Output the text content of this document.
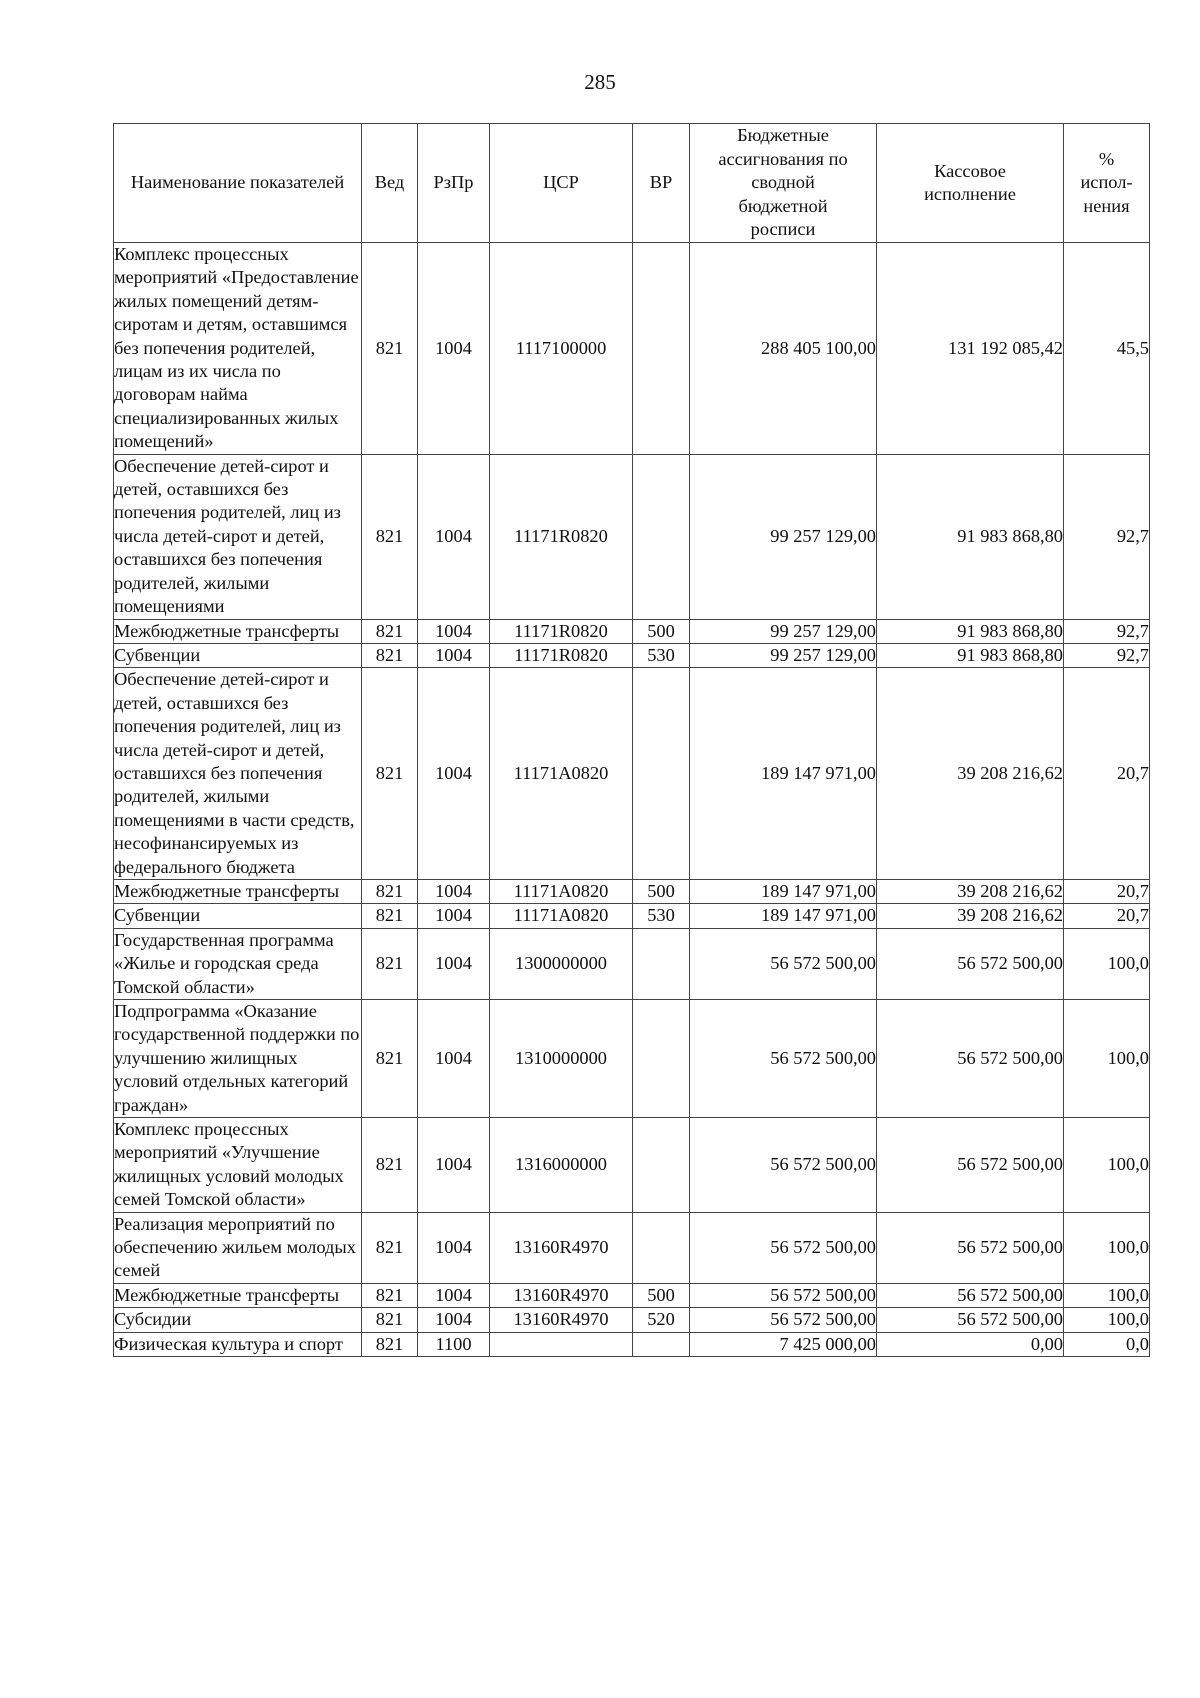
285
Наименование показателей	Вед	РзПр	ЦСР	ВР	Бюджетные ассигнования по сводной бюджетной росписи	Кассовое исполнение	% испол-нения
Комплекс процессных мероприятий «Предоставление жилых помещений детям-сиротам и детям, оставшимся без попечения родителей, лицам из их числа по договорам найма специализированных жилых помещений»	821	1004	1117100000		288 405 100,00	131 192 085,42	45,5
Обеспечение детей-сирот и детей, оставшихся без попечения родителей, лиц из числа детей-сирот и детей, оставшихся без попечения родителей, жилыми помещениями	821	1004	11171R0820		99 257 129,00	91 983 868,80	92,7
Межбюджетные трансферты	821	1004	11171R0820	500	99 257 129,00	91 983 868,80	92,7
Субвенции	821	1004	11171R0820	530	99 257 129,00	91 983 868,80	92,7
Обеспечение детей-сирот и детей, оставшихся без попечения родителей, лиц из числа детей-сирот и детей, оставшихся без попечения родителей, жилыми помещениями в части средств, несофинансируемых из федерального бюджета	821	1004	11171А0820		189 147 971,00	39 208 216,62	20,7
Межбюджетные трансферты	821	1004	11171А0820	500	189 147 971,00	39 208 216,62	20,7
Субвенции	821	1004	11171А0820	530	189 147 971,00	39 208 216,62	20,7
Государственная программа «Жилье и городская среда Томской области»	821	1004	1300000000		56 572 500,00	56 572 500,00	100,0
Подпрограмма «Оказание государственной поддержки по улучшению жилищных условий отдельных категорий граждан»	821	1004	1310000000		56 572 500,00	56 572 500,00	100,0
Комплекс процессных мероприятий «Улучшение жилищных условий молодых семей Томской области»	821	1004	1316000000		56 572 500,00	56 572 500,00	100,0
Реализация мероприятий по обеспечению жильем молодых семей	821	1004	13160R4970		56 572 500,00	56 572 500,00	100,0
Межбюджетные трансферты	821	1004	13160R4970	500	56 572 500,00	56 572 500,00	100,0
Субсидии	821	1004	13160R4970	520	56 572 500,00	56 572 500,00	100,0
Физическая культура и спорт	821	1100			7 425 000,00	0,00	0,0
